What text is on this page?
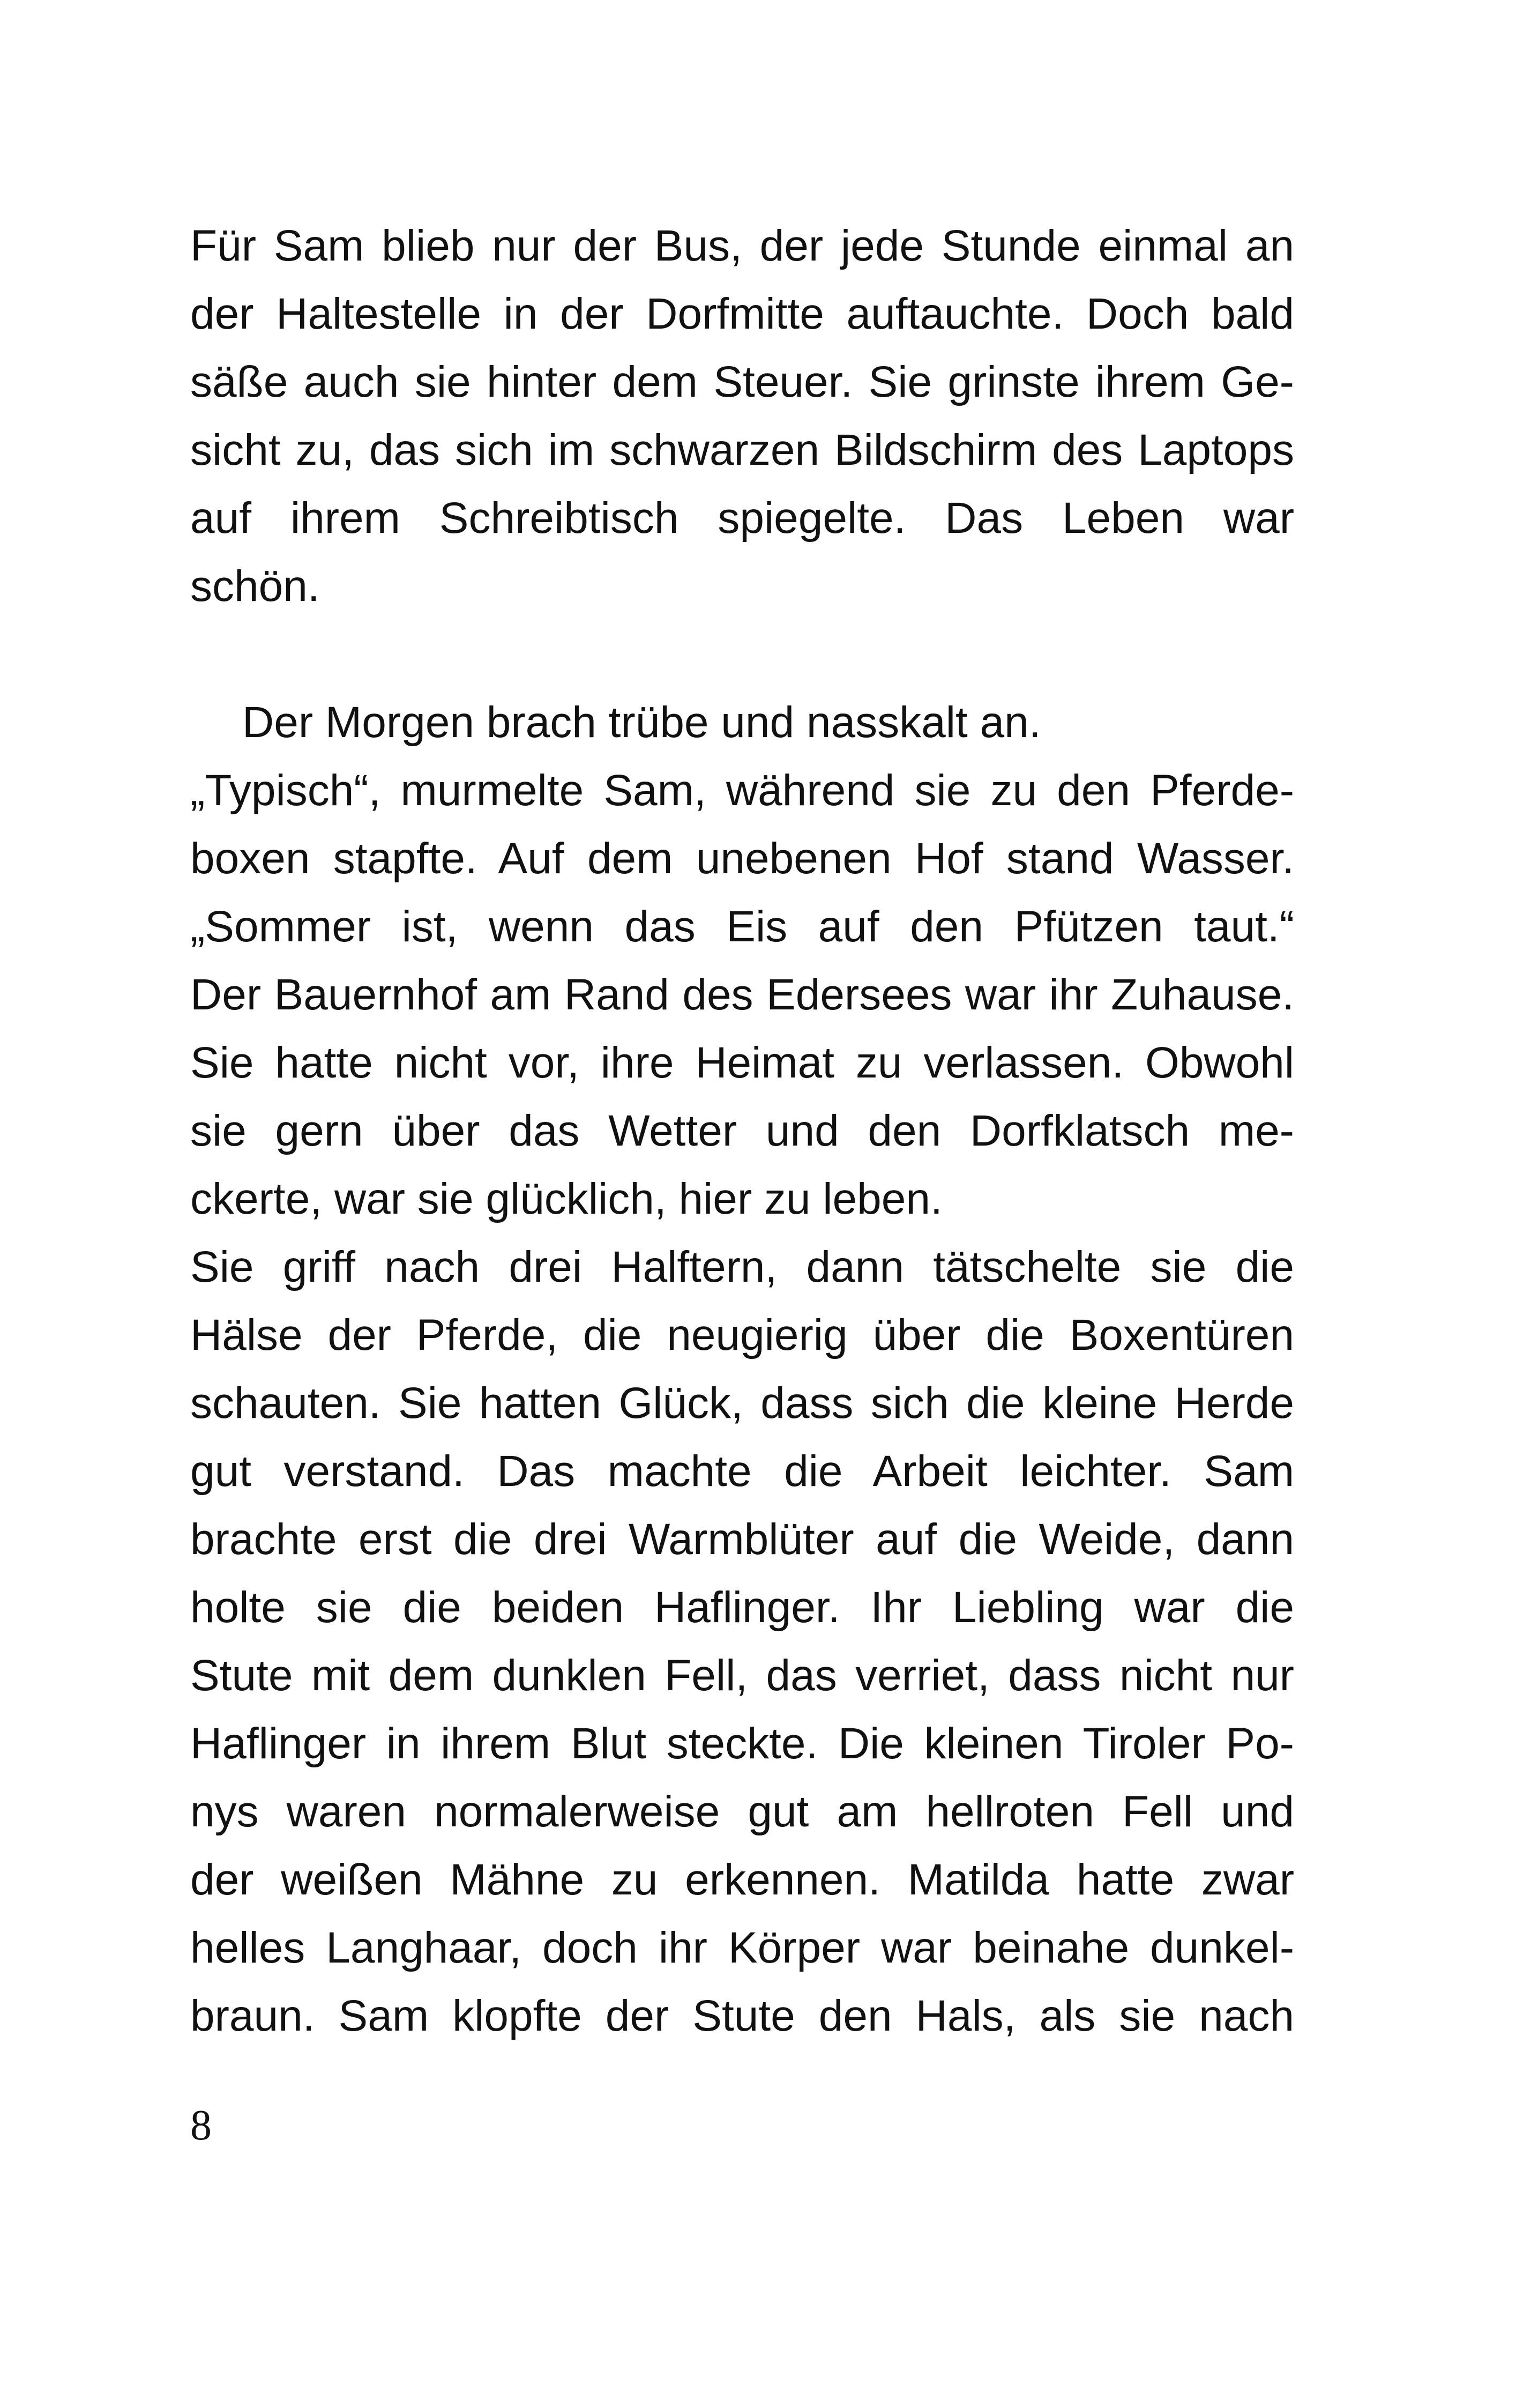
Für Sam blieb nur der Bus, der jede Stunde einmal an
der Haltestelle in der Dorfmitte auftauchte. Doch bald
säße auch sie hinter dem Steuer. Sie grinste ihrem Ge-
sicht zu, das sich im schwarzen Bildschirm des Laptops
auf ihrem Schreibtisch spiegelte. Das Leben war
schön.
Der Morgen brach trübe und nasskalt an.
„Typisch“, murmelte Sam, während sie zu den Pferde-
boxen stapfte. Auf dem unebenen Hof stand Wasser.
„Sommer ist, wenn das Eis auf den Pfützen taut.“
Der Bauernhof am Rand des Edersees war ihr Zuhause.
Sie hatte nicht vor, ihre Heimat zu verlassen. Obwohl
sie gern über das Wetter und den Dorfklatsch me-
ckerte, war sie glücklich, hier zu leben.
Sie griff nach drei Halftern, dann tätschelte sie die
Hälse der Pferde, die neugierig über die Boxentüren
schauten. Sie hatten Glück, dass sich die kleine Herde
gut verstand. Das machte die Arbeit leichter. Sam
brachte erst die drei Warmblüter auf die Weide, dann
holte sie die beiden Haflinger. Ihr Liebling war die
Stute mit dem dunklen Fell, das verriet, dass nicht nur
Haflinger in ihrem Blut steckte. Die kleinen Tiroler Po-
nys waren normalerweise gut am hellroten Fell und
der weißen Mähne zu erkennen. Matilda hatte zwar
helles Langhaar, doch ihr Körper war beinahe dunkel-
braun. Sam klopfte der Stute den Hals, als sie nach
8
